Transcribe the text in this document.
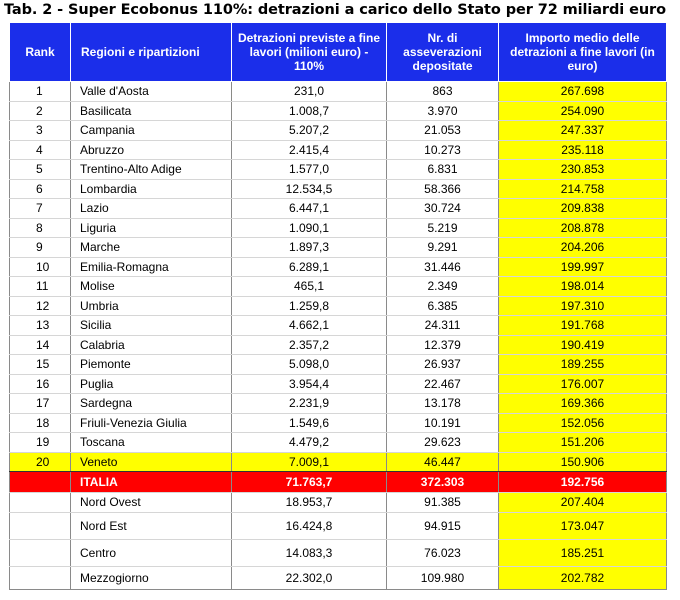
Tab. 2 - Super Ecobonus 110%: detrazioni a carico dello Stato per 72 miliardi euro
Rank	Regioni e ripartizioni	Detrazioni previste a fine lavori (milioni euro) - 110%	Nr. di asseverazioni depositate	Importo medio delle detrazioni a fine lavori (in euro)
1	Valle d'Aosta	231,0	863	267.698
2	Basilicata	1.008,7	3.970	254.090
3	Campania	5.207,2	21.053	247.337
4	Abruzzo	2.415,4	10.273	235.118
5	Trentino-Alto Adige	1.577,0	6.831	230.853
6	Lombardia	12.534,5	58.366	214.758
7	Lazio	6.447,1	30.724	209.838
8	Liguria	1.090,1	5.219	208.878
9	Marche	1.897,3	9.291	204.206
10	Emilia-Romagna	6.289,1	31.446	199.997
11	Molise	465,1	2.349	198.014
12	Umbria	1.259,8	6.385	197.310
13	Sicilia	4.662,1	24.311	191.768
14	Calabria	2.357,2	12.379	190.419
15	Piemonte	5.098,0	26.937	189.255
16	Puglia	3.954,4	22.467	176.007
17	Sardegna	2.231,9	13.178	169.366
18	Friuli-Venezia Giulia	1.549,6	10.191	152.056
19	Toscana	4.479,2	29.623	151.206
20	Veneto	7.009,1	46.447	150.906
	ITALIA	71.763,7	372.303	192.756
	Nord Ovest	18.953,7	91.385	207.404
	Nord Est	16.424,8	94.915	173.047
	Centro	14.083,3	76.023	185.251
	Mezzogiorno	22.302,0	109.980	202.782
